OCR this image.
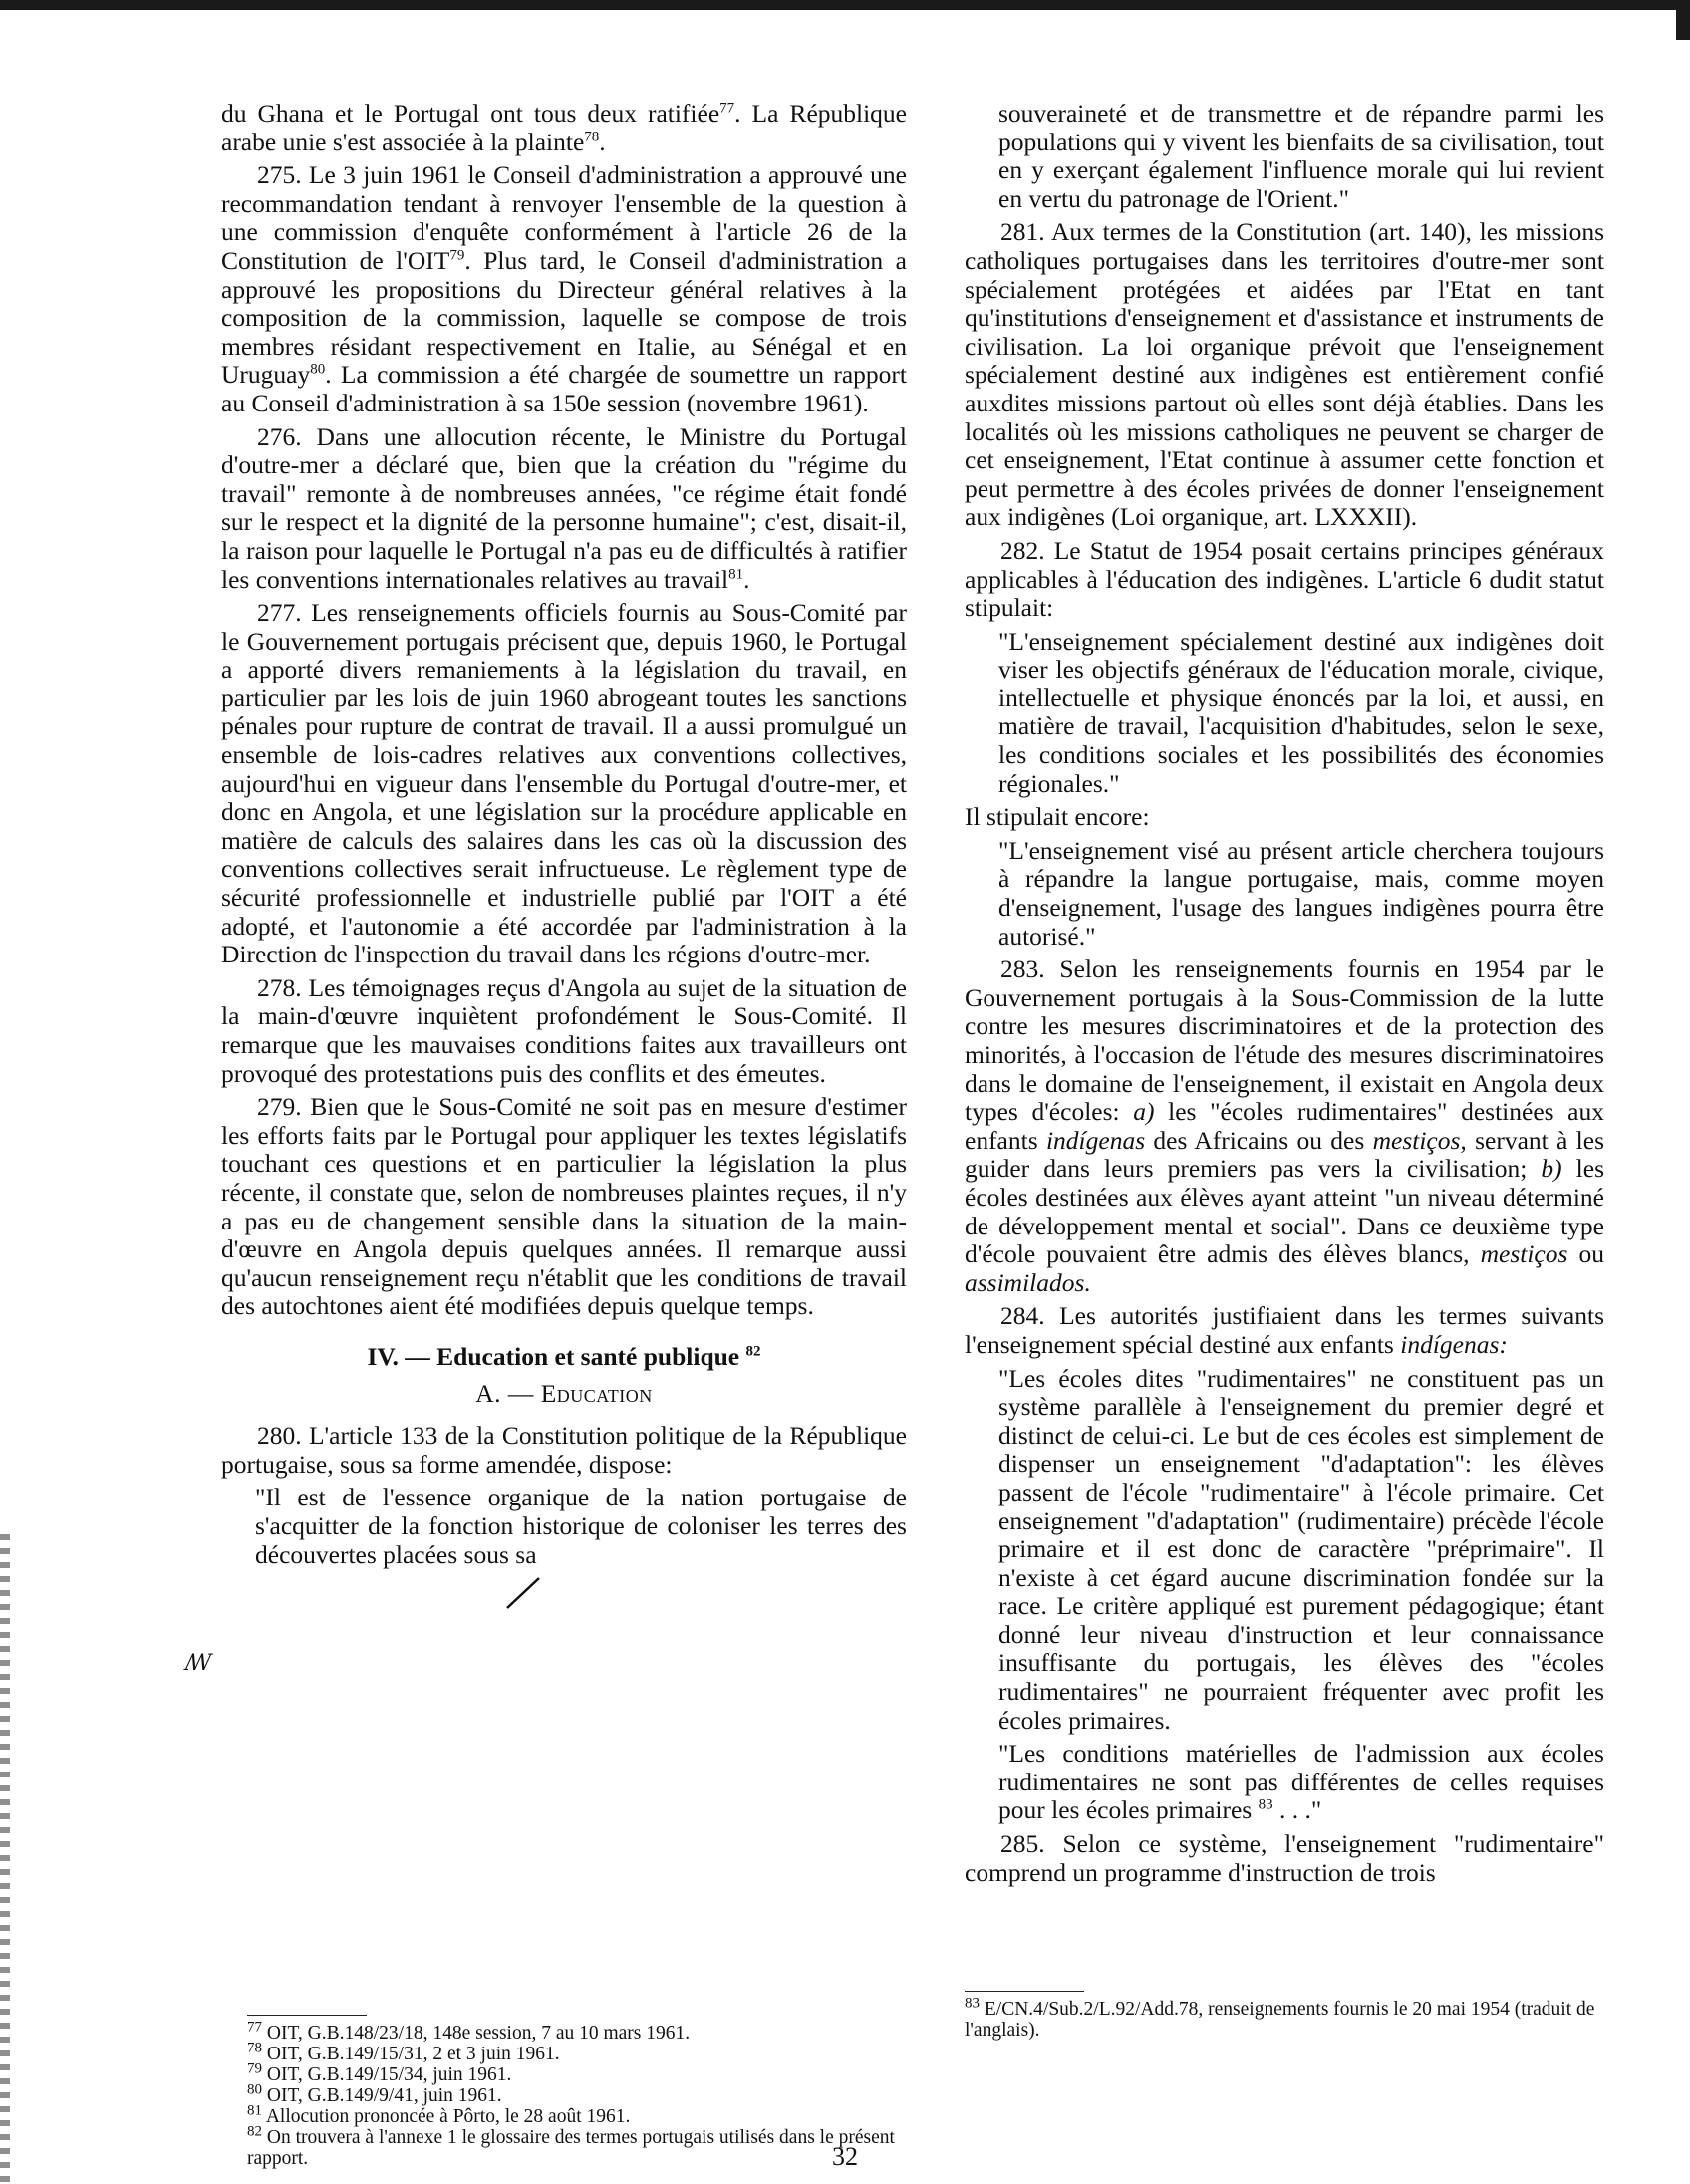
du Ghana et le Portugal ont tous deux ratifiée$^{77}$. La République arabe unie s'est associée à la plainte$^{78}$.

275. Le 3 juin 1961 le Conseil d'administration a approuvé une recommandation tendant à renvoyer l'ensemble de la question à une commission d'enquête conformément à l'article 26 de la Constitution de l'OIT$^{79}$. Plus tard, le Conseil d'administration a approuvé les propositions du Directeur général relatives à la composition de la commission, laquelle se compose de trois membres résidant respectivement en Italie, au Sénégal et en Uruguay$^{80}$. La commission a été chargée de soumettre un rapport au Conseil d'administration à sa 150e session (novembre 1961).

276. Dans une allocution récente, le Ministre du Portugal d'outre-mer a déclaré que, bien que la création du "régime du travail" remonte à de nombreuses années, "ce régime était fondé sur le respect et la dignité de la personne humaine"; c'est, disait-il, la raison pour laquelle le Portugal n'a pas eu de difficultés à ratifier les conventions internationales relatives au travail$^{81}$.

277. Les renseignements officiels fournis au Sous-Comité par le Gouvernement portugais précisent que, depuis 1960, le Portugal a apporté divers remaniements à la législation du travail, en particulier par les lois de juin 1960 abrogeant toutes les sanctions pénales pour rupture de contrat de travail. Il a aussi promulgué un ensemble de lois-cadres relatives aux conventions collectives, aujourd'hui en vigueur dans l'ensemble du Portugal d'outre-mer, et donc en Angola, et une législation sur la procédure applicable en matière de calculs des salaires dans les cas où la discussion des conventions collectives serait infructueuse. Le règlement type de sécurité professionnelle et industrielle publié par l'OIT a été adopté, et l'autonomie a été accordée par l'administration à la Direction de l'inspection du travail dans les régions d'outre-mer.

278. Les témoignages reçus d'Angola au sujet de la situation de la main-d'œuvre inquiètent profondément le Sous-Comité. Il remarque que les mauvaises conditions faites aux travailleurs ont provoqué des protestations puis des conflits et des émeutes.

279. Bien que le Sous-Comité ne soit pas en mesure d'estimer les efforts faits par le Portugal pour appliquer les textes législatifs touchant ces questions et en particulier la législation la plus récente, il constate que, selon de nombreuses plaintes reçues, il n'y a pas eu de changement sensible dans la situation de la main-d'œuvre en Angola depuis quelques années. Il remarque aussi qu'aucun renseignement reçu n'établit que les conditions de travail des autochtones aient été modifiées depuis quelque temps.

IV. — Education et santé publique $^{82}$
A. — Education

280. L'article 133 de la Constitution politique de la République portugaise, sous sa forme amendée, dispose:

"Il est de l'essence organique de la nation portugaise de s'acquitter de la fonction historique de coloniser les terres des découvertes placées sous sa

souveraineté et de transmettre et de répandre parmi les populations qui y vivent les bienfaits de sa civilisation, tout en y exerçant également l'influence morale qui lui revient en vertu du patronage de l'Orient."

281. Aux termes de la Constitution (art. 140), les missions catholiques portugaises dans les territoires d'outre-mer sont spécialement protégées et aidées par l'Etat en tant qu'institutions d'enseignement et d'assistance et instruments de civilisation. La loi organique prévoit que l'enseignement spécialement destiné aux indigènes est entièrement confié auxdites missions partout où elles sont déjà établies. Dans les localités où les missions catholiques ne peuvent se charger de cet enseignement, l'Etat continue à assumer cette fonction et peut permettre à des écoles privées de donner l'enseignement aux indigènes (Loi organique, art. LXXXII).

282. Le Statut de 1954 posait certains principes généraux applicables à l'éducation des indigènes. L'article 6 dudit statut stipulait:

"L'enseignement spécialement destiné aux indigènes doit viser les objectifs généraux de l'éducation morale, civique, intellectuelle et physique énoncés par la loi, et aussi, en matière de travail, l'acquisition d'habitudes, selon le sexe, les conditions sociales et les possibilités des économies régionales."

Il stipulait encore:

"L'enseignement visé au présent article cherchera toujours à répandre la langue portugaise, mais, comme moyen d'enseignement, l'usage des langues indigènes pourra être autorisé."

283. Selon les renseignements fournis en 1954 par le Gouvernement portugais à la Sous-Commission de la lutte contre les mesures discriminatoires et de la protection des minorités, à l'occasion de l'étude des mesures discriminatoires dans le domaine de l'enseignement, il existait en Angola deux types d'écoles: a) les "écoles rudimentaires" destinées aux enfants indígenas des Africains ou des mestiços, servant à les guider dans leurs premiers pas vers la civilisation; b) les écoles destinées aux élèves ayant atteint "un niveau déterminé de développement mental et social". Dans ce deuxième type d'école pouvaient être admis des élèves blancs, mestiços ou assimilados.

284. Les autorités justifiaient dans les termes suivants l'enseignement spécial destiné aux enfants indígenas:

"Les écoles dites "rudimentaires" ne constituent pas un système parallèle à l'enseignement du premier degré et distinct de celui-ci. Le but de ces écoles est simplement de dispenser un enseignement "d'adaptation": les élèves passent de l'école "rudimentaire" à l'école primaire. Cet enseignement "d'adaptation" (rudimentaire) précède l'école primaire et il est donc de caractère "préprimaire". Il n'existe à cet égard aucune discrimination fondée sur la race. Le critère appliqué est purement pédagogique; étant donné leur niveau d'instruction et leur connaissance insuffisante du portugais, les élèves des "écoles rudimentaires" ne pourraient fréquenter avec profit les écoles primaires.

"Les conditions matérielles de l'admission aux écoles rudimentaires ne sont pas différentes de celles requises pour les écoles primaires $^{83}$ . . ."

285. Selon ce système, l'enseignement "rudimentaire" comprend un programme d'instruction de trois

$^{77}$ OIT, G.B.148/23/18, 148e session, 7 au 10 mars 1961.
$^{78}$ OIT, G.B.149/15/31, 2 et 3 juin 1961.
$^{79}$ OIT, G.B.149/15/34, juin 1961.
$^{80}$ OIT, G.B.149/9/41, juin 1961.
$^{81}$ Allocution prononcée à Pôrto, le 28 août 1961.
$^{82}$ On trouvera à l'annexe 1 le glossaire des termes portugais utilisés dans le présent rapport.
$^{83}$ E/CN.4/Sub.2/L.92/Add.78, renseignements fournis le 20 mai 1954 (traduit de l'anglais).
ꟿ
32
